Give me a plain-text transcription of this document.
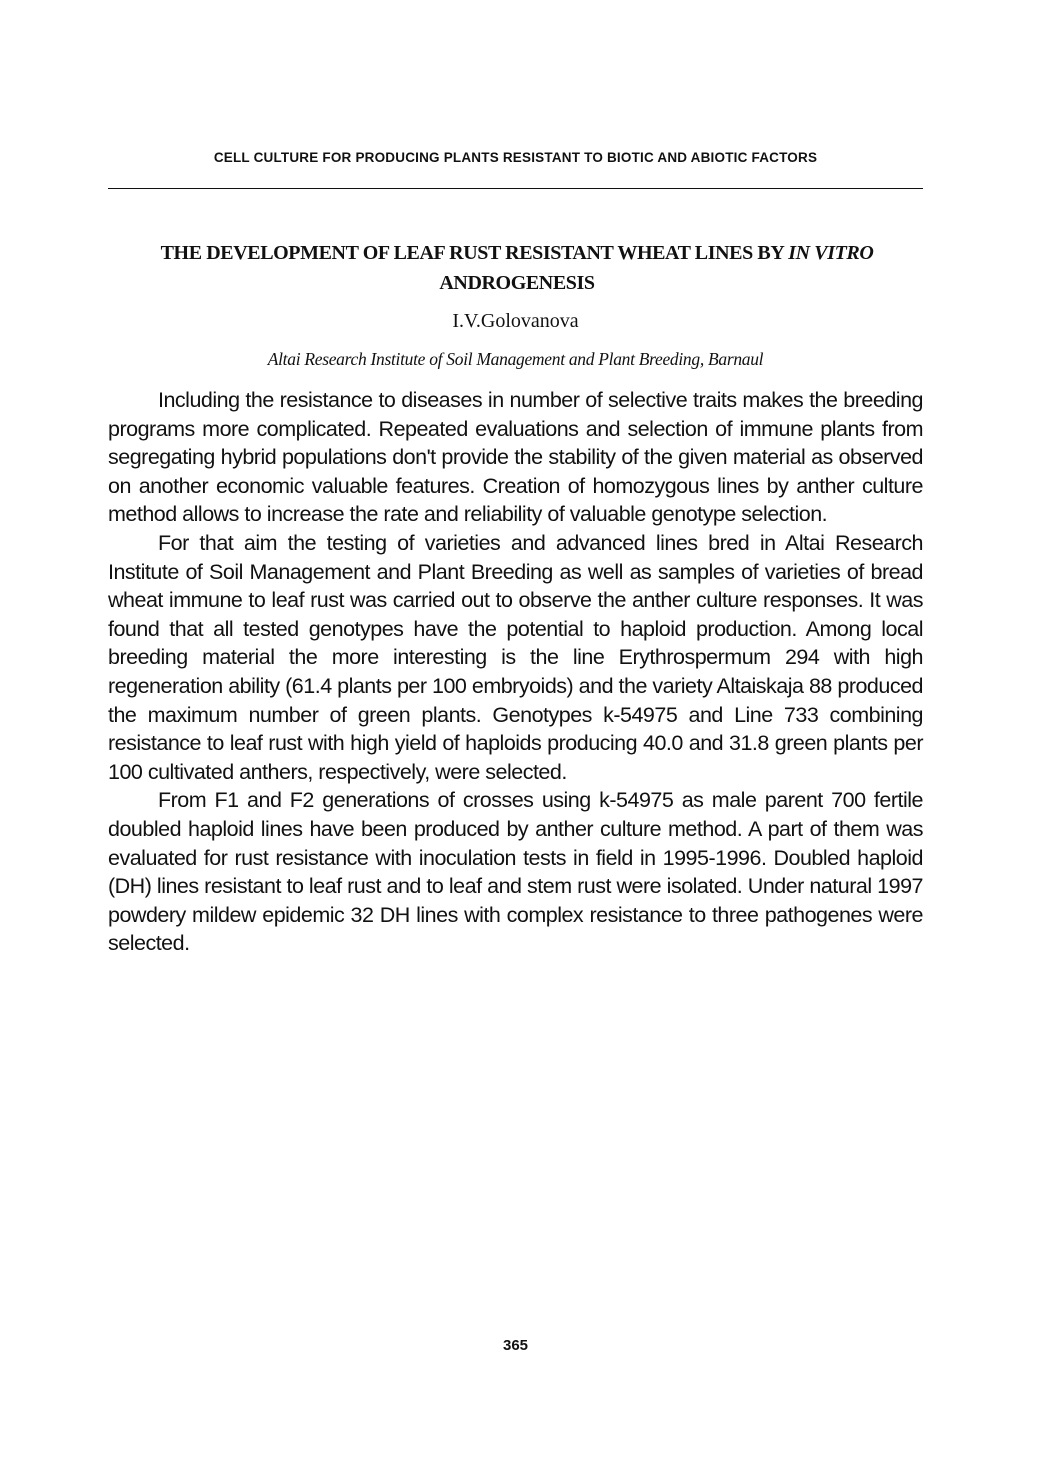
CELL CULTURE FOR PRODUCING PLANTS RESISTANT TO BIOTIC AND ABIOTIC FACTORS
THE DEVELOPMENT OF LEAF RUST RESISTANT WHEAT LINES BY IN VITRO ANDROGENESIS
I.V.Golovanova
Altai Research Institute of Soil Management and Plant Breeding, Barnaul

Including the resistance to diseases in number of selective traits makes the breeding programs more complicated. Repeated evaluations and selection of immune plants from segregating hybrid populations don't provide the stability of the given material as observed on another economic valuable features. Creation of homozygous lines by anther culture method allows to increase the rate and reliability of valuable genotype selection.

For that aim the testing of varieties and advanced lines bred in Altai Research Institute of Soil Management and Plant Breeding as well as samples of varieties of bread wheat immune to leaf rust was carried out to observe the anther culture responses. It was found that all tested genotypes have the potential to haploid production. Among local breeding material the more interesting is the line Erythrospermum 294 with high regeneration ability (61.4 plants per 100 embryoids) and the variety Altaiskaja 88 produced the maximum number of green plants. Genotypes k-54975 and Line 733 combining resistance to leaf rust with high yield of haploids producing 40.0 and 31.8 green plants per 100 cultivated anthers, respectively, were selected.

From F1 and F2 generations of crosses using k-54975 as male parent 700 fertile doubled haploid lines have been produced by anther culture method. A part of them was evaluated for rust resistance with inoculation tests in field in 1995-1996. Doubled haploid (DH) lines resistant to leaf rust and to leaf and stem rust were isolated. Under natural 1997 powdery mildew epidemic 32 DH lines with complex resistance to three pathogenes were selected.

365
